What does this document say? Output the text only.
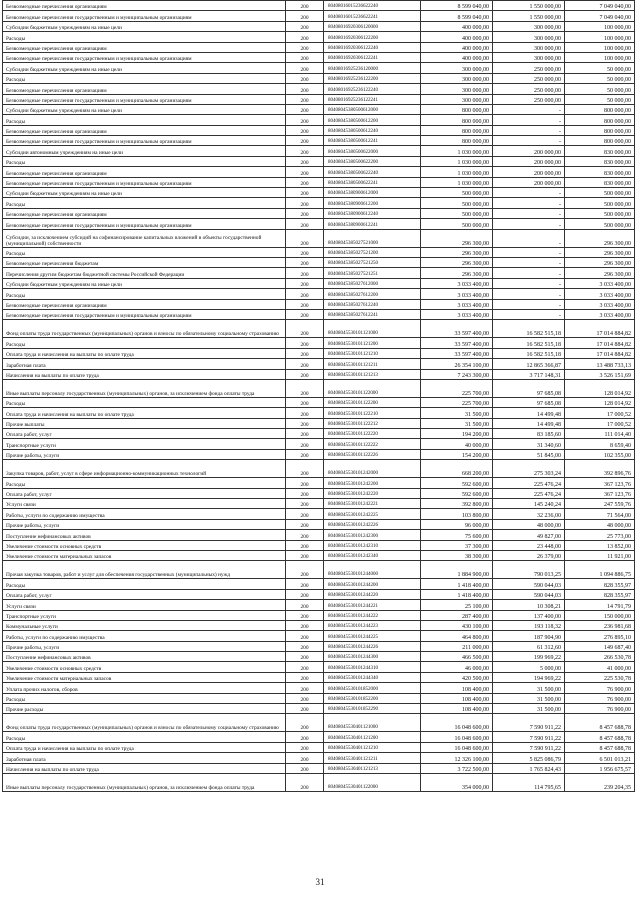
Безвозмездные перечисления организациям	200	80408016015236622240	8 599 040,00	1 550 000,00	7 049 040,00
Безвозмездные перечисления государственным и муниципальным организациям	200	80408016015236622241	8 599 040,00	1 550 000,00	7 049 040,00
Субсидии бюджетным учреждениям на иные цели	200	80408016920306120000	400 000,00	300 000,00	100 000,00
Расходы	200	80408016920306122200	400 000,00	300 000,00	100 000,00
Безвозмездные перечисления организациям	200	80408016920306122240	400 000,00	300 000,00	100 000,00
Безвозмездные перечисления государственным и муниципальным организациям	200	80408016920306122241	400 000,00	300 000,00	100 000,00
Субсидии бюджетным учреждениям на иные цели	200	80408016925236120000	300 000,00	250 000,00	50 000,00
Расходы	200	80408016925236122200	300 000,00	250 000,00	50 000,00
Безвозмездные перечисления организациям	200	80408016925236122240	300 000,00	250 000,00	50 000,00
Безвозмездные перечисления государственным и муниципальным организациям	200	80408016925236122241	300 000,00	250 000,00	50 000,00
Субсидии бюджетным учреждениям на иные цели	200	80408045380500612000	800 000,00	-	800 000,00
Расходы	200	80408045380500612200	800 000,00	-	800 000,00
Безвозмездные перечисления организациям	200	80408045380500612240	800 000,00	-	800 000,00
Безвозмездные перечисления государственным и муниципальным организациям	200	80408045380500612241	800 000,00	-	800 000,00
Субсидии автономным учреждениям на иные цели	200	80408045380500622000	1 030 000,00	200 000,00	830 000,00
Расходы	200	80408045380500622200	1 030 000,00	200 000,00	830 000,00
Безвозмездные перечисления организациям	200	80408045380500622240	1 030 000,00	200 000,00	830 000,00
Безвозмездные перечисления государственным и муниципальным организациям	200	80408045380500622241	1 030 000,00	200 000,00	830 000,00
Субсидии бюджетным учреждениям на иные цели	200	80408045380900612000	500 000,00	-	500 000,00
Расходы	200	80408045380900612200	500 000,00	-	500 000,00
Безвозмездные перечисления организациям	200	80408045380900612240	500 000,00	-	500 000,00
Безвозмездные перечисления государственным и муниципальным организациям	200	80408045380900612241	500 000,00	-	500 000,00
Субсидии, за исключением субсидий на софинансирование капитальных вложений в объекты государственной (муниципальной) собственности	200	80408045385027521000	296 300,00	-	296 300,00
Расходы	200	80408045385027521200	296 300,00	-	296 300,00
Безвозмездные перечисления бюджетам	200	80408045385027521250	296 300,00	-	296 300,00
Перечисления другим бюджетам бюджетной системы Российской Федерации	200	80408045385027521251	296 300,00	-	296 300,00
Субсидии бюджетным учреждениям на иные цели	200	80408045385027612000	3 033 400,00	-	3 033 400,00
Расходы	200	80408045385027612200	3 033 400,00	-	3 033 400,00
Безвозмездные перечисления организациям	200	80408045385027612240	3 033 400,00	-	3 033 400,00
Безвозмездные перечисления государственным и муниципальным организациям	200	80408045385027612241	3 033 400,00	-	3 033 400,00
Фонд оплаты труда государственных (муниципальных) органов и взносы по обязательному социальному страхованию	200	80408045530101121000	33 597 400,00	16 582 515,18	17 014 884,82
Расходы	200	80408045530101121200	33 597 400,00	16 582 515,18	17 014 884,82
Оплата труда и начисления на выплаты по оплате труда	200	80408045530101121210	33 597 400,00	16 582 515,18	17 014 884,82
Заработная плата	200	80408045530101121211	26 354 100,00	12 865 366,87	13 488 733,13
Начисления на выплаты по оплате труда	200	80408045530101121213	7 243 300,00	3 717 148,31	3 526 151,69
Иные выплаты персоналу государственных (муниципальных) органов, за исключением фонда оплаты труда	200	80408045530101122000	225 700,00	97 685,08	128 014,92
Расходы	200	80408045530101122200	225 700,00	97 685,08	128 014,92
Оплата труда и начисления на выплаты по оплате труда	200	80408045530101122210	31 500,00	14 499,48	17 000,52
Прочие выплаты	200	80408045530101122212	31 500,00	14 499,48	17 000,52
Оплата работ, услуг	200	80408045530101122220	194 200,00	83 185,60	111 014,40
Транспортные услуги	200	80408045530101122222	40 000,00	31 340,60	8 659,40
Прочие работы, услуги	200	80408045530101122226	154 200,00	51 845,00	102 355,00
Закупка товаров, работ, услуг в сфере информационно-коммуникационных технологий	200	80408045530101242000	668 200,00	275 303,24	392 896,76
Расходы	200	80408045530101242200	592 600,00	225 476,24	367 123,76
Оплата работ, услуг	200	80408045530101242220	592 600,00	225 476,24	367 123,76
Услуги связи	200	80408045530101242221	392 800,00	145 240,24	247 559,76
Работы, услуги по содержанию имущества	200	80408045530101242225	103 800,00	32 236,00	71 564,00
Прочие работы, услуги	200	80408045530101242226	96 000,00	48 000,00	48 000,00
Поступление нефинансовых активов	200	80408045530101242300	75 600,00	49 827,00	25 773,00
Увеличение стоимости основных средств	200	80408045530101242310	37 300,00	23 448,00	13 852,00
Увеличение стоимости материальных запасов	200	80408045530101242340	38 300,00	26 379,00	11 921,00
Прочая закупка товаров, работ и услуг для обеспечения государственных (муниципальных) нужд	200	80408045530101244000	1 884 900,00	790 013,25	1 094 886,75
Расходы	200	80408045530101244200	1 418 400,00	590 044,03	828 355,97
Оплата работ, услуг	200	80408045530101244220	1 418 400,00	590 044,03	828 355,97
Услуги связи	200	80408045530101244221	25 100,00	10 308,21	14 791,79
Транспортные услуги	200	80408045530101244222	287 400,00	137 400,00	150 000,00
Коммунальные услуги	200	80408045530101244223	430 100,00	193 118,32	236 981,68
Работы, услуги по содержанию имущества	200	80408045530101244225	464 800,00	187 904,90	276 895,10
Прочие работы, услуги	200	80408045530101244226	211 000,00	61 312,60	149 687,40
Поступление нефинансовых активов	200	80408045530101244300	466 500,00	199 969,22	266 530,78
Увеличение стоимости основных средств	200	80408045530101244310	46 000,00	5 000,00	41 000,00
Увеличение стоимости материальных запасов	200	80408045530101244340	420 500,00	194 969,22	225 530,78
Уплата прочих налогов, сборов	200	80408045530101852000	108 400,00	31 500,00	76 900,00
Расходы	200	80408045530101852200	108 400,00	31 500,00	76 900,00
Прочие расходы	200	80408045530101852290	108 400,00	31 500,00	76 900,00
Фонд оплаты труда государственных (муниципальных) органов и взносы по обязательному социальному страхованию	200	80408045530401121000	16 048 600,00	7 590 911,22	8 457 688,78
Расходы	200	80408045530401121200	16 048 600,00	7 590 911,22	8 457 688,78
Оплата труда и начисления на выплаты по оплате труда	200	80408045530401121210	16 048 600,00	7 590 911,22	8 457 688,78
Заработная плата	200	80408045530401121211	12 326 100,00	5 825 086,79	6 501 013,21
Начисления на выплаты по оплате труда	200	80408045530401121213	3 722 500,00	1 765 824,43	1 956 675,57
Иные выплаты персоналу государственных (муниципальных) органов, за исключением фонда оплаты труда	200	80408045530401122000	354 000,00	114 795,65	239 204,35
31
